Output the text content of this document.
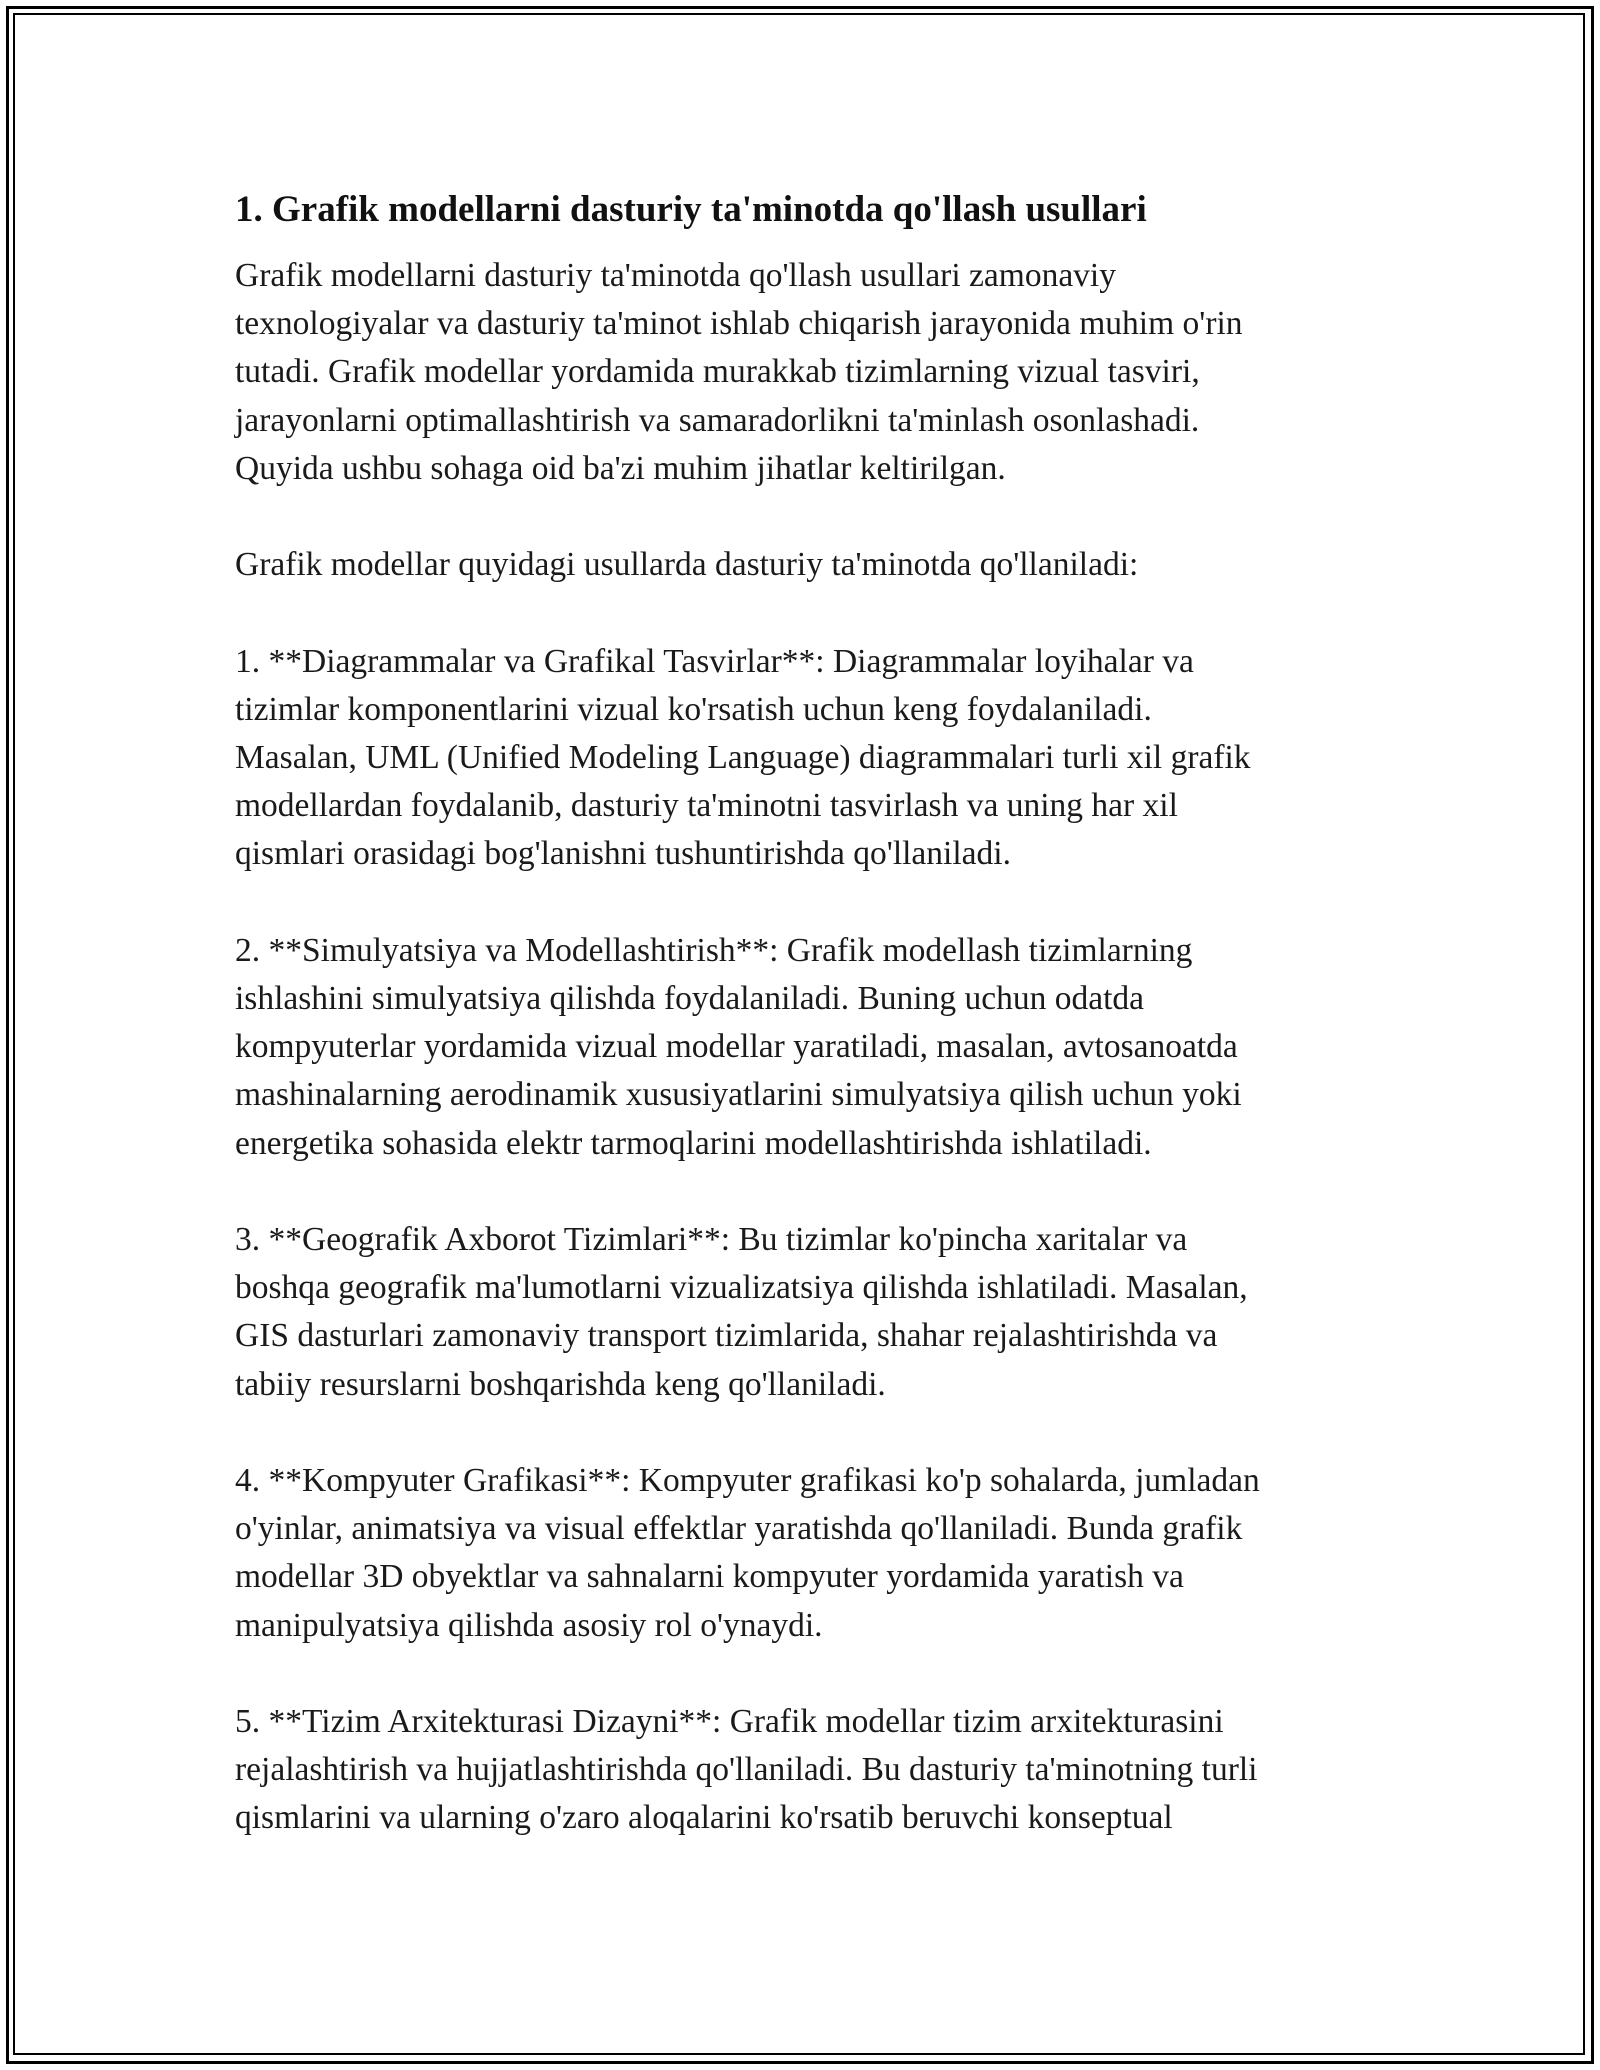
1. Grafik modellarni dasturiy ta'minotda qo'llash usullari

Grafik modellarni dasturiy ta'minotda qo'llash usullari zamonaviy
texnologiyalar va dasturiy ta'minot ishlab chiqarish jarayonida muhim o'rin
tutadi. Grafik modellar yordamida murakkab tizimlarning vizual tasviri,
jarayonlarni optimallashtirish va samaradorlikni ta'minlash osonlashadi.
Quyida ushbu sohaga oid ba'zi muhim jihatlar keltirilgan.

Grafik modellar quyidagi usullarda dasturiy ta'minotda qo'llaniladi:

1. **Diagrammalar va Grafikal Tasvirlar**: Diagrammalar loyihalar va
tizimlar komponentlarini vizual ko'rsatish uchun keng foydalaniladi.
Masalan, UML (Unified Modeling Language) diagrammalari turli xil grafik
modellardan foydalanib, dasturiy ta'minotni tasvirlash va uning har xil
qismlari orasidagi bog'lanishni tushuntirishda qo'llaniladi.

2. **Simulyatsiya va Modellashtirish**: Grafik modellash tizimlarning
ishlashini simulyatsiya qilishda foydalaniladi. Buning uchun odatda
kompyuterlar yordamida vizual modellar yaratiladi, masalan, avtosanoatda
mashinalarning aerodinamik xususiyatlarini simulyatsiya qilish uchun yoki
energetika sohasida elektr tarmoqlarini modellashtirishda ishlatiladi.

3. **Geografik Axborot Tizimlari**: Bu tizimlar ko'pincha xaritalar va
boshqa geografik ma'lumotlarni vizualizatsiya qilishda ishlatiladi. Masalan,
GIS dasturlari zamonaviy transport tizimlarida, shahar rejalashtirishda va
tabiiy resurslarni boshqarishda keng qo'llaniladi.

4. **Kompyuter Grafikasi**: Kompyuter grafikasi ko'p sohalarda, jumladan
o'yinlar, animatsiya va visual effektlar yaratishda qo'llaniladi. Bunda grafik
modellar 3D obyektlar va sahnalarni kompyuter yordamida yaratish va
manipulyatsiya qilishda asosiy rol o'ynaydi.

5. **Tizim Arxitekturasi Dizayni**: Grafik modellar tizim arxitekturasini
rejalashtirish va hujjatlashtirishda qo'llaniladi. Bu dasturiy ta'minotning turli
qismlarini va ularning o'zaro aloqalarini ko'rsatib beruvchi konseptual
